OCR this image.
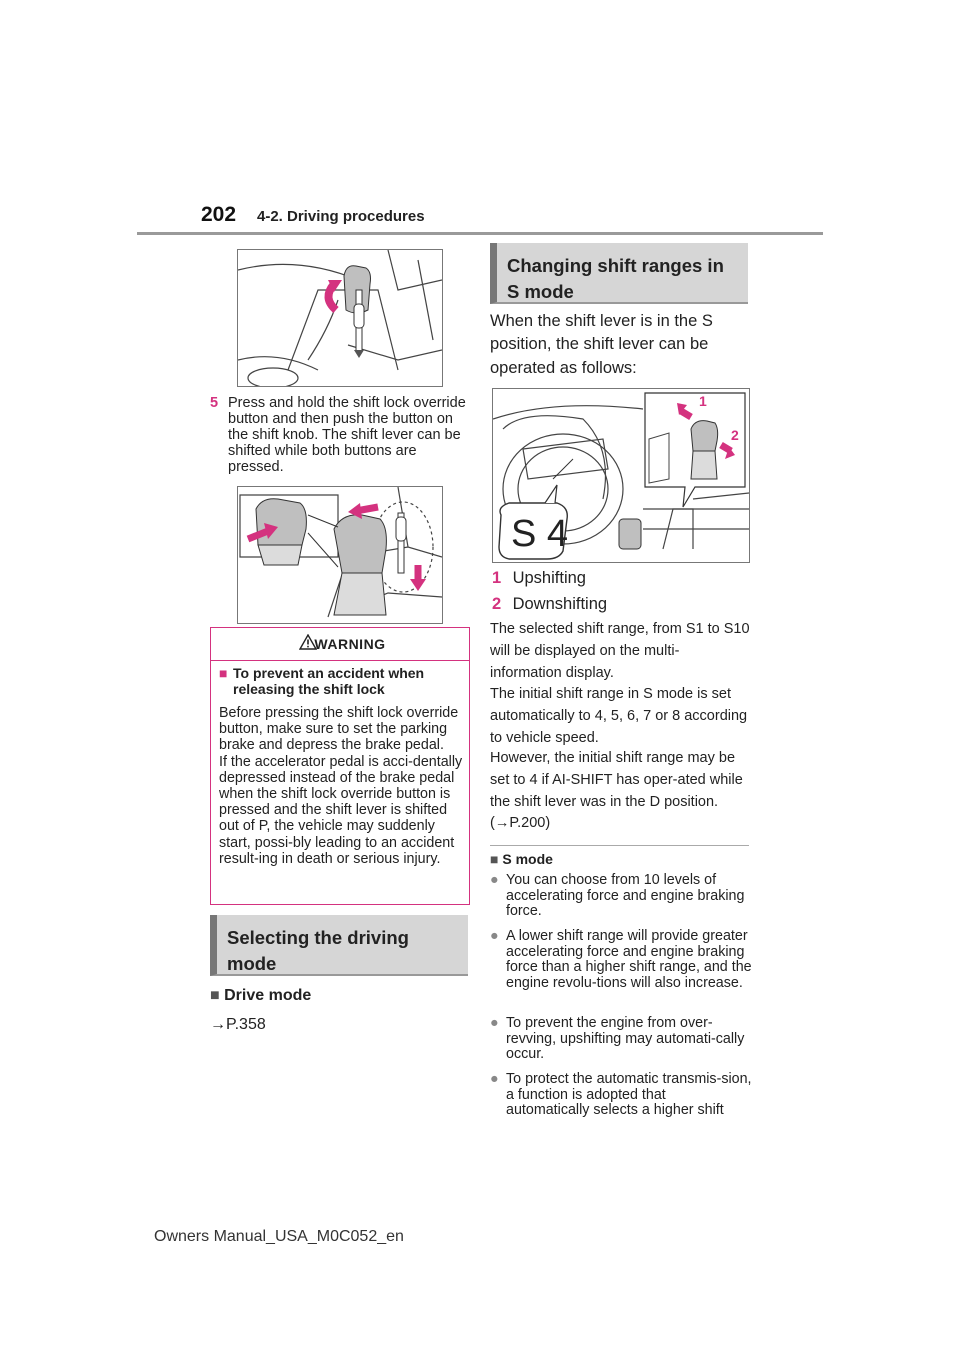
202 4-2. Driving procedures
5 Press and hold the shift lock override button and then push the button on the shift knob. The shift lever can be shifted while both buttons are pressed.
WARNING
■ To prevent an accident when releasing the shift lock
Before pressing the shift lock override button, make sure to set the parking brake and depress the brake pedal.
If the accelerator pedal is acci-dentally depressed instead of the brake pedal when the shift lock override button is pressed and the shift lever is shifted out of P, the vehicle may suddenly start, possi-bly leading to an accident result-ing in death or serious injury.
Selecting the driving mode
■ Drive mode
→P.358
Changing shift ranges in S mode
When the shift lever is in the S position, the shift lever can be operated as follows:
S 4
1
2
1 Upshifting
2 Downshifting
The selected shift range, from S1 to S10 will be displayed on the multi-information display.
The initial shift range in S mode is set automatically to 4, 5, 6, 7 or 8 according to vehicle speed.
However, the initial shift range may be set to 4 if AI-SHIFT has oper-ated while the shift lever was in the D position. (→P.200)
■ S mode
● You can choose from 10 levels of accelerating force and engine braking force.
● A lower shift range will provide greater accelerating force and engine braking force than a higher shift range, and the engine revolu-tions will also increase.
● To prevent the engine from over-revving, upshifting may automati-cally occur.
● To protect the automatic transmis-sion, a function is adopted that automatically selects a higher shift
Owners Manual_USA_M0C052_en
